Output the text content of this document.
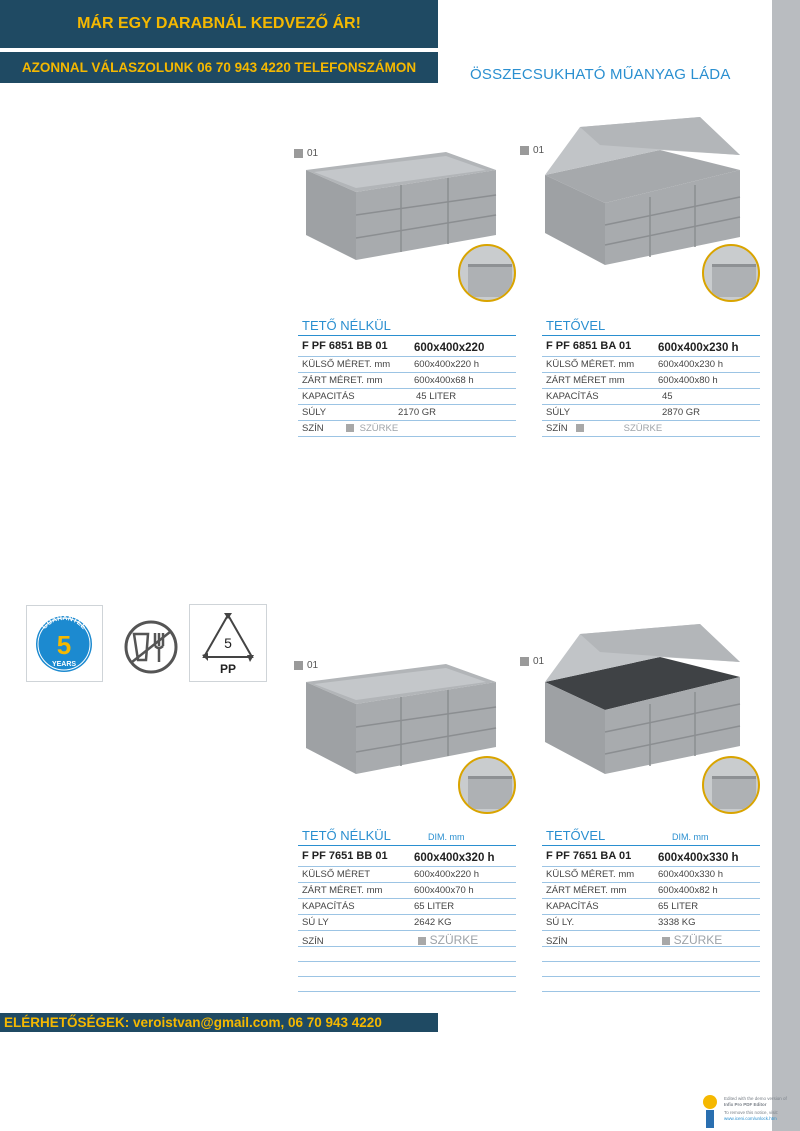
MÁR EGY DARABNÁL KEDVEZŐ ÁR!
AZONNAL VÁLASZOLUNK 06 70 943 4220 TELEFONSZÁMON	ÖSSZECSUKHATÓ MŰANYAG LÁDA
01
TETŐ NÉLKÜL
F PF 6851 BB 01 600x400x220
KÜLSŐ MÉRET. mm	600x400x220 h
ZÁRT MÉRET. mm	600x400x68 h
KAPACITÁS	45 LITER
SÚLY	2170 GR
SZÍN	SZÜRKE
01
TETŐVEL
F PF 6851 BA 01 600x400x230 h
KÜLSŐ MÉRET. mm	600x400x230 h
ZÁRT MÉRET mm	600x400x80 h
KAPACÍTÁS	45
SÚLY	2870 GR
SZÍN	SZÜRKE
GUARANTEE
5
YEARS
5
PP	01
TETŐ NÉLKÜL	DIM. mm
F PF 7651 BB 01 600x400x320 h
KÜLSŐ MÉRET	600x400x220 h
ZÁRT MÉRET. mm	600x400x70 h
KAPACÍTÁS	65 LITER
SÚ LY	2642 KG
SZÍN	SZÜRKE
01
TETŐVEL	DIM. mm
F PF 7651 BA 01 600x400x330 h
KÜLSŐ MÉRET. mm	600x400x330 h
ZÁRT MÉRET. mm	600x400x82 h
KAPACÍTÁS	65 LITER
SÚ LY.	3338 KG
SZÍN	SZÜRKE
ELÉRHETŐSÉGEK: veroistvan@gmail.com, 06 70 943 4220
Edited with the demo version of
Infix Pro PDF Editor
To remove this notice, visit:
www.iceni.com/unlock.htm
